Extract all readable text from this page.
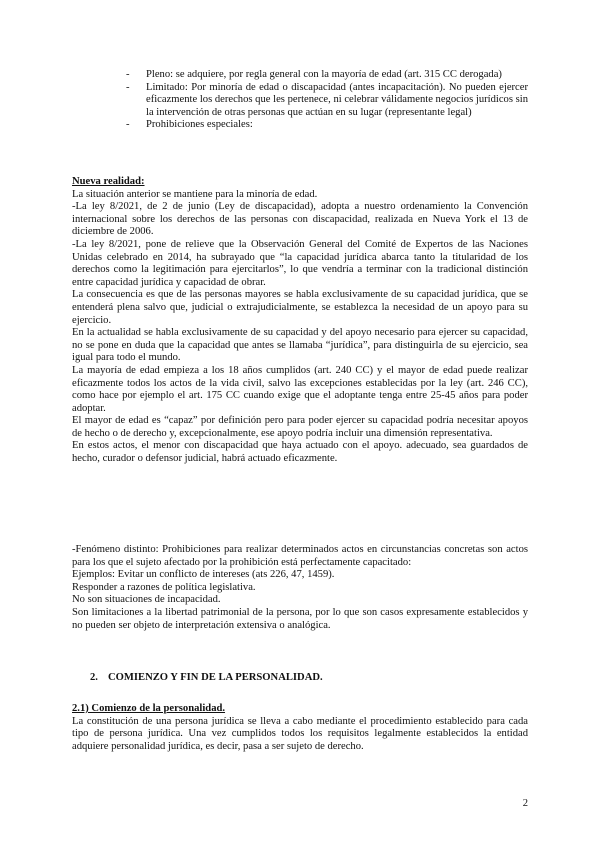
- Pleno: se adquiere, por regla general con la mayoría de edad (art. 315 CC derogada)
- Limitado: Por minoría de edad o discapacidad (antes incapacitación). No pueden ejercer eficazmente los derechos que les pertenece, ni celebrar válidamente negocios jurídicos sin la intervención de otras personas que actúan en su lugar (representante legal)
- Prohibiciones especiales:

Nueva realidad:

La situación anterior se mantiene para la minoría de edad.

-La ley 8/2021, de 2 de junio (Ley de discapacidad), adopta a nuestro ordenamiento la Convención internacional sobre los derechos de las personas con discapacidad, realizada en Nueva York el 13 de diciembre de 2006.

-La ley 8/2021, pone de relieve que la Observación General del Comité de Expertos de las Naciones Unidas celebrado en 2014, ha subrayado que “la capacidad jurídica abarca tanto la titularidad de los derechos como la legitimación para ejercitarlos”, lo que vendría a terminar con la tradicional distinción entre capacidad jurídica y capacidad de obrar.

La consecuencia es que de las personas mayores se habla exclusivamente de su capacidad jurídica, que se entenderá plena salvo que, judicial o extrajudicialmente, se establezca la necesidad de un apoyo para su ejercicio.

En la actualidad se habla exclusivamente de su capacidad y del apoyo necesario para ejercer su capacidad, no se pone en duda que la capacidad que antes se llamaba “jurídica”, para distinguirla de su ejercicio, sea igual para todo el mundo.

La mayoría de edad empieza a los 18 años cumplidos (art. 240 CC) y el mayor de edad puede realizar eficazmente todos los actos de la vida civil, salvo las excepciones establecidas por la ley (art. 246 CC), como hace por ejemplo el art. 175 CC cuando exige que el adoptante tenga entre 25-45 años para poder adoptar.

El mayor de edad es “capaz” por definición pero para poder ejercer su capacidad podría necesitar apoyos de hecho o de derecho y, excepcionalmente, ese apoyo podría incluir una dimensión representativa.

En estos actos, el menor con discapacidad que haya actuado con el apoyo. adecuado, sea guardados de hecho, curador o defensor judicial, habrá actuado eficazmente.

-Fenómeno distinto: Prohibiciones para realizar determinados actos en circunstancias concretas son actos para los que el sujeto afectado por la prohibición está perfectamente capacitado:

Ejemplos: Evitar un conflicto de intereses (ats 226, 47, 1459).

Responder a razones de política legislativa.

No son situaciones de incapacidad.

Son limitaciones a la libertad patrimonial de la persona, por lo que son casos expresamente establecidos y no pueden ser objeto de interpretación extensiva o analógica.

2. COMIENZO Y FIN DE LA PERSONALIDAD.

2.1) Comienzo de la personalidad.

La constitución de una persona jurídica se lleva a cabo mediante el procedimiento establecido para cada tipo de persona jurídica. Una vez cumplidos todos los requisitos legalmente establecidos la entidad adquiere personalidad jurídica, es decir, pasa a ser sujeto de derecho.

2
